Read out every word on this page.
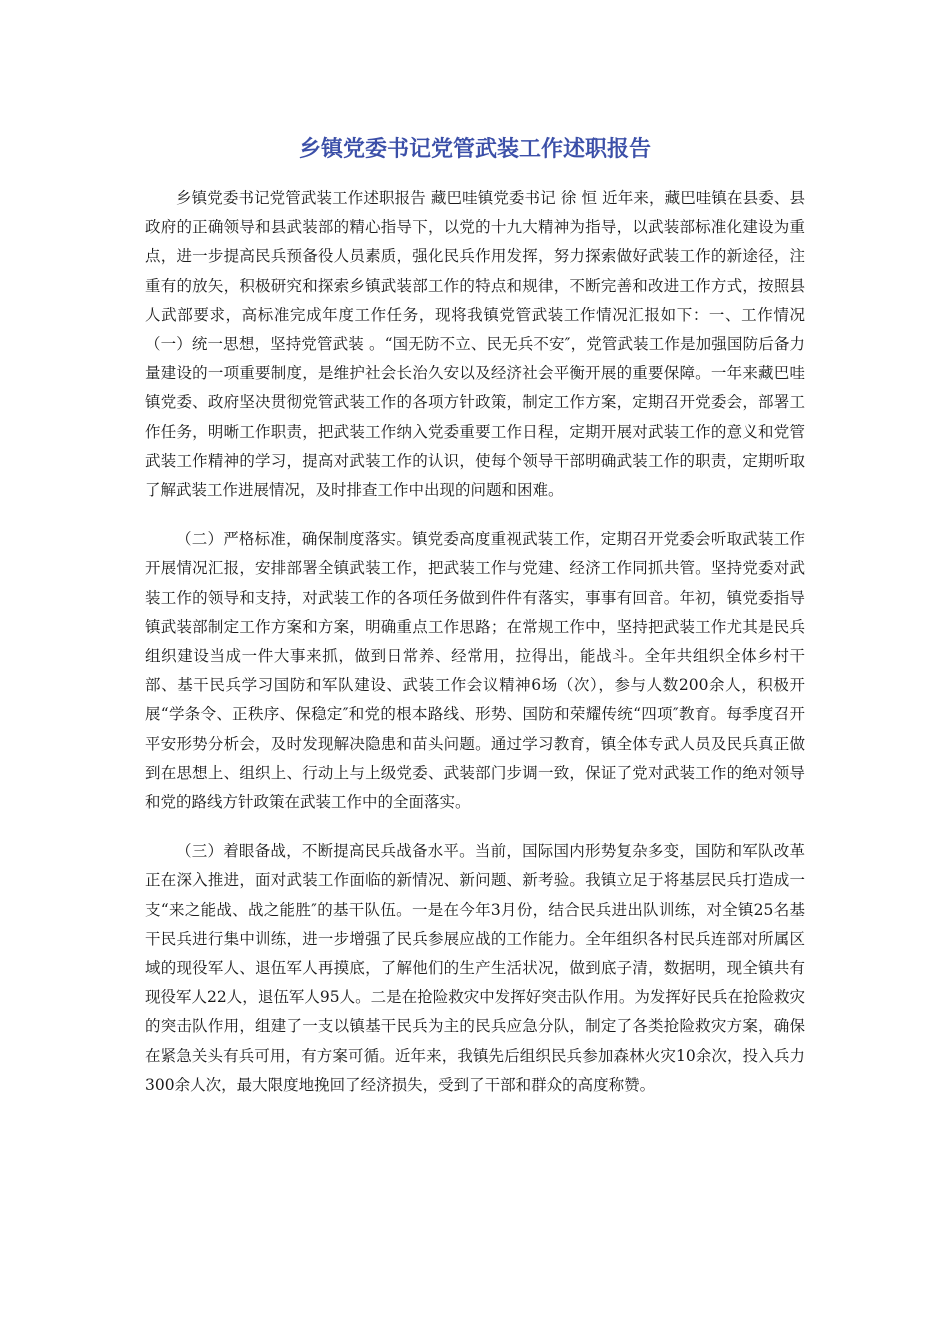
乡镇党委书记党管武装工作述职报告

乡镇党委书记党管武装工作述职报告 藏巴哇镇党委书记 徐 恒 近年来，藏巴哇镇在县委、县政府的正确领导和县武装部的精心指导下，以党的十九大精神为指导，以武装部标准化建设为重点，进一步提高民兵预备役人员素质，强化民兵作用发挥，努力探索做好武装工作的新途径，注重有的放矢，积极研究和探索乡镇武装部工作的特点和规律，不断完善和改进工作方式，按照县人武部要求，高标准完成年度工作任务，现将我镇党管武装工作情况汇报如下：一、工作情况 （一）统一思想，坚持党管武装 。“国无防不立、民无兵不安″，党管武装工作是加强国防后备力量建设的一项重要制度，是维护社会长治久安以及经济社会平衡开展的重要保障。一年来藏巴哇镇党委、政府坚决贯彻党管武装工作的各项方针政策，制定工作方案，定期召开党委会，部署工作任务，明晰工作职责，把武装工作纳入党委重要工作日程，定期开展对武装工作的意义和党管武装工作精神的学习，提高对武装工作的认识，使每个领导干部明确武装工作的职责，定期听取了解武装工作进展情况，及时排查工作中出现的问题和困难。

（二）严格标准，确保制度落实。镇党委高度重视武装工作，定期召开党委会听取武装工作开展情况汇报，安排部署全镇武装工作，把武装工作与党建、经济工作同抓共管。坚持党委对武装工作的领导和支持，对武装工作的各项任务做到件件有落实，事事有回音。年初，镇党委指导镇武装部制定工作方案和方案，明确重点工作思路；在常规工作中，坚持把武装工作尤其是民兵组织建设当成一件大事来抓，做到日常养、经常用，拉得出，能战斗。全年共组织全体乡村干部、基干民兵学习国防和军队建设、武装工作会议精神6场（次），参与人数200余人，积极开展“学条令、正秩序、保稳定″和党的根本路线、形势、国防和荣耀传统“四项″教育。每季度召开平安形势分析会，及时发现解决隐患和苗头问题。通过学习教育，镇全体专武人员及民兵真正做到在思想上、组织上、行动上与上级党委、武装部门步调一致，保证了党对武装工作的绝对领导和党的路线方针政策在武装工作中的全面落实。

（三）着眼备战，不断提高民兵战备水平。当前，国际国内形势复杂多变，国防和军队改革正在深入推进，面对武装工作面临的新情况、新问题、新考验。我镇立足于将基层民兵打造成一支“来之能战、战之能胜″的基干队伍。一是在今年3月份，结合民兵进出队训练，对全镇25名基干民兵进行集中训练，进一步增强了民兵参展应战的工作能力。全年组织各村民兵连部对所属区域的现役军人、退伍军人再摸底，了解他们的生产生活状况，做到底子清，数据明，现全镇共有现役军人22人，退伍军人95人。二是在抢险救灾中发挥好突击队作用。为发挥好民兵在抢险救灾的突击队作用，组建了一支以镇基干民兵为主的民兵应急分队，制定了各类抢险救灾方案，确保在紧急关头有兵可用，有方案可循。近年来，我镇先后组织民兵参加森林火灾10余次，投入兵力300余人次，最大限度地挽回了经济损失，受到了干部和群众的高度称赞。
